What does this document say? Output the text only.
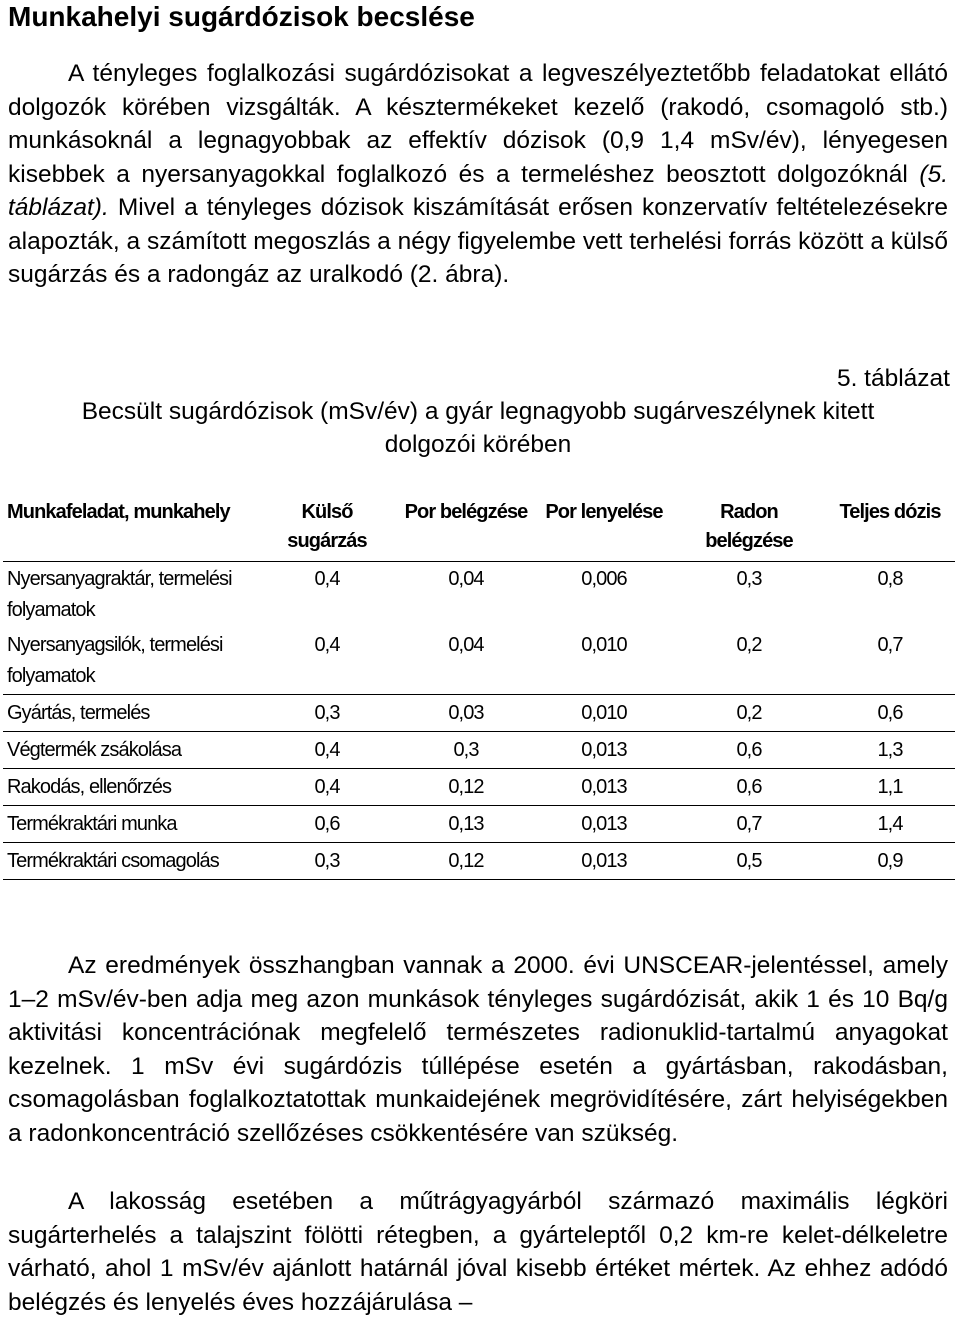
Munkahelyi sugárdózisok becslése

A tényleges foglalkozási sugárdózisokat a legveszélyeztetőbb feladatokat ellátó dolgozók körében vizsgálták. A késztermékeket kezelő (rakodó, csomagoló stb.) munkásoknál a legnagyobbak az effektív dózisok (0,9 1,4 mSv/év), lényegesen kisebbek a nyersanyagokkal foglalkozó és a termeléshez beosztott dolgozóknál (5. táblázat). Mivel a tényleges dózisok kiszámítását erősen konzervatív feltételezésekre alapozták, a számított megoszlás a négy figyelembe vett terhelési forrás között a külső sugárzás és a radongáz az uralkodó (2. ábra).

5. táblázat
Becsült sugárdózisok (mSv/év) a gyár legnagyobb sugárveszélynek kitett
dolgozói körében
Munkafeladat, munkahely	Külső sugárzás	Por belégzése	Por lenyelése	Radon belégzése	Teljes dózis
Nyersanyagraktár, termelési folyamatok	0,4	0,04	0,006	0,3	0,8
Nyersanyagsilók, termelési folyamatok	0,4	0,04	0,010	0,2	0,7
Gyártás, termelés	0,3	0,03	0,010	0,2	0,6
Végtermék zsákolása	0,4	0,3	0,013	0,6	1,3
Rakodás, ellenőrzés	0,4	0,12	0,013	0,6	1,1
Termékraktári munka	0,6	0,13	0,013	0,7	1,4
Termékraktári csomagolás	0,3	0,12	0,013	0,5	0,9

Az eredmények összhangban vannak a 2000. évi UNSCEAR-jelentéssel, amely 1–2 mSv/év-ben adja meg azon munkások tényleges sugárdózisát, akik 1 és 10 Bq/g aktivitási koncentrációnak megfelelő természetes radionuklid-tartalmú anyagokat kezelnek. 1 mSv évi sugárdózis túllépése esetén a gyártásban, rakodásban, csomagolásban foglalkoztatottak munkaidejének megrövidítésére, zárt helyiségekben a radonkoncentráció szellőzéses csökkentésére van szükség.

A lakosság esetében a műtrágyagyárból származó maximális légköri sugárterhelés a talajszint fölötti rétegben, a gyárteleptől 0,2 km-re kelet-délkeletre várható, ahol 1 mSv/év ajánlott határnál jóval kisebb értéket mértek. Az ehhez adódó belégzés és lenyelés éves hozzájárulása –
